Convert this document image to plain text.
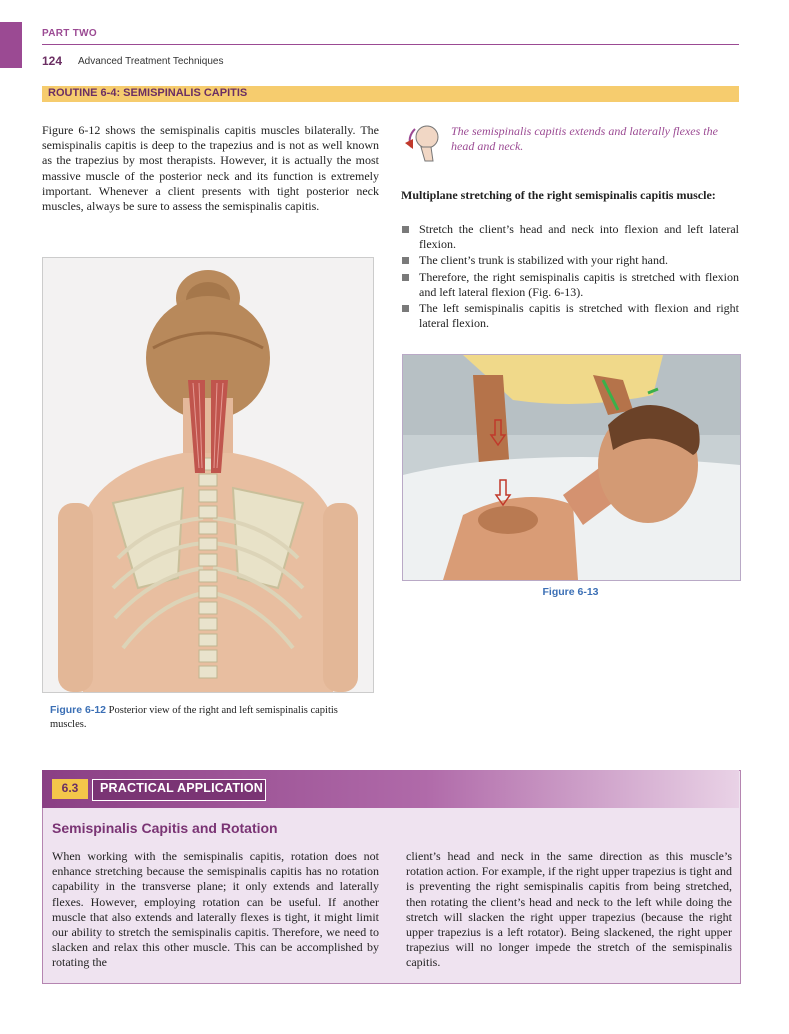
PART TWO
124 Advanced Treatment Techniques
ROUTINE 6-4: SEMISPINALIS CAPITIS
Figure 6-12 shows the semispinalis capitis muscles bilaterally. The semispinalis capitis is deep to the trapezius and is not as well known as the trapezius by most therapists. However, it is actually the most massive muscle of the posterior neck and its function is extremely important. Whenever a client presents with tight posterior neck muscles, always be sure to assess the semispinalis capitis.
Figure 6-12 Posterior view of the right and left semispinalis capitis muscles.
The semispinalis capitis extends and laterally flexes the head and neck.
Multiplane stretching of the right semispinalis capitis muscle:
Stretch the client’s head and neck into flexion and left lateral flexion.
The client’s trunk is stabilized with your right hand.
Therefore, the right semispinalis capitis is stretched with flexion and left lateral flexion (Fig. 6-13).
The left semispinalis capitis is stretched with flexion and right lateral flexion.
Figure 6-13
6.3	PRACTICAL APPLICATION
Semispinalis Capitis and Rotation
When working with the semispinalis capitis, rotation does not enhance stretching because the semispinalis capitis has no rotation capability in the transverse plane; it only extends and laterally flexes. However, employing rotation can be useful. If another muscle that also extends and laterally flexes is tight, it might limit our ability to stretch the semispinalis capitis. Therefore, we need to slacken and relax this other muscle. This can be accomplished by rotating the
client’s head and neck in the same direction as this muscle’s rotation action. For example, if the right upper trapezius is tight and is preventing the right semispinalis capitis from being stretched, then rotating the client’s head and neck to the left while doing the stretch will slacken the right upper trapezius (because the right upper trapezius is a left rotator). Being slackened, the right upper trapezius will no longer impede the stretch of the semispinalis capitis.
